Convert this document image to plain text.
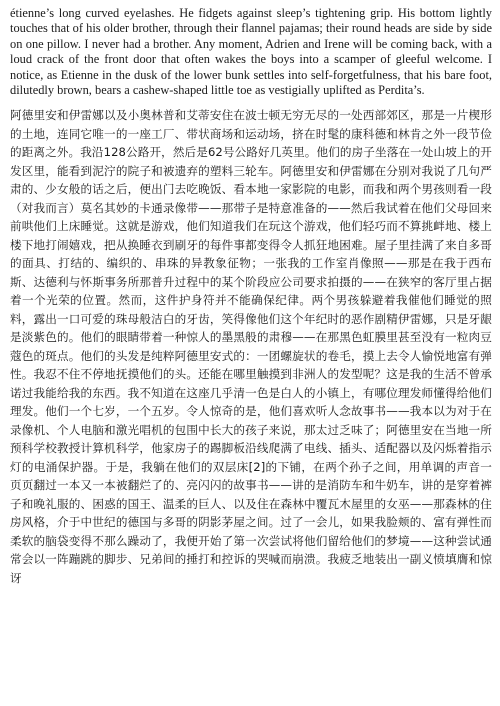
étienne’s long curved eyelashes. He fidgets against sleep’s tightening grip. His bottom lightly touches that of his older brother, through their flannel pajamas; their round heads are side by side on one pillow. I never had a brother. Any moment, Adrien and Irene will be coming back, with a loud crack of the front door that often wakes the boys into a scamper of gleeful welcome. I notice, as Etienne in the dusk of the lower bunk settles into self-forgetfulness, that his bare foot, dilutedly brown, bears a cashew-shaped little toe as vestigially uplifted as Perdita’s.

阿德里安和伊雷娜以及小奥林普和艾蒂安住在波士顿无穷无尽的一处西部郊区，那是一片楔形的土地，连同它唯一的一座工厂、带状商场和运动场，挤在时髦的康科德和林肯之外一段节俭的距离之外。我沿128公路开，然后是62号公路好几英里。他们的房子坐落在一处山坡上的开发区里，能看到泥泞的院子和被遗弃的塑料三轮车。阿德里安和伊雷娜在分别对我说了几句严肃的、少女般的话之后，便出门去吃晚饭、看本地一家影院的电影，而我和两个男孩则看一段（对我而言）莫名其妙的卡通录像带——那带子是特意准备的——然后我试着在他们父母回来前哄他们上床睡觉。这就是游戏，他们知道我们在玩这个游戏，他们轻巧而不算挑衅地、楼上楼下地打闹嬉戏，把从换睡衣到刷牙的每件事都变得令人抓狂地困难。屋子里挂满了来自多哥的面具、打结的、编织的、串珠的异教象征物；一张我的工作室肖像照——那是在我于西布斯、达德利与怀斯事务所那普升过程中的某个阶段应公司要求拍摄的——在狭窄的客厅里占据着一个光荣的位置。然而，这件护身符并不能确保纪律。两个男孩躲避着我催他们睡觉的照料，露出一口可爱的珠母般洁白的牙齿，笑得像他们这个年纪时的恶作剧精伊雷娜，只是牙龈是淡紫色的。他们的眼睛带着一种惊人的墨黑般的肃穆——在那黑色虹膜里甚至没有一粒肉豆蔻色的斑点。他们的头发是纯粹阿德里安式的：一团螺旋状的卷毛，摸上去令人愉悦地富有弹性。我忍不住不停地抚摸他们的头。还能在哪里触摸到非洲人的发型呢？这是我的生活不曾承诺过我能给我的东西。我不知道在这座几乎清一色是白人的小镇上，有哪位理发师懂得给他们理发。他们一个七岁，一个五岁。令人惊奇的是，他们喜欢听人念故事书——我本以为对于在录像机、个人电脑和激光唱机的包围中长大的孩子来说，那太过乏味了；阿德里安在当地一所预科学校教授计算机科学，他家房子的踢脚板沿线爬满了电线、插头、适配器以及闪烁着指示灯的电涌保护器。于是，我躺在他们的双层床[2]的下铺，在两个孙子之间，用单调的声音一页页翻过一本又一本被翻烂了的、亮闪闪的故事书——讲的是消防车和牛奶车，讲的是穿着裤子和晚礼服的、困惑的国王、温柔的巨人、以及住在森林中覆瓦木屋里的女巫——那森林的住房风格，介于中世纪的德国与多哥的阴影茅屋之间。过了一会儿，如果我脸颊的、富有弹性而柔软的脑袋变得不那么躁动了，我便开始了第一次尝试将他们留给他们的梦境——这种尝试通常会以一阵蹦跳的脚步、兄弟间的捶打和控诉的哭喊而崩溃。我疲乏地装出一副义愤填膺和惊讶
